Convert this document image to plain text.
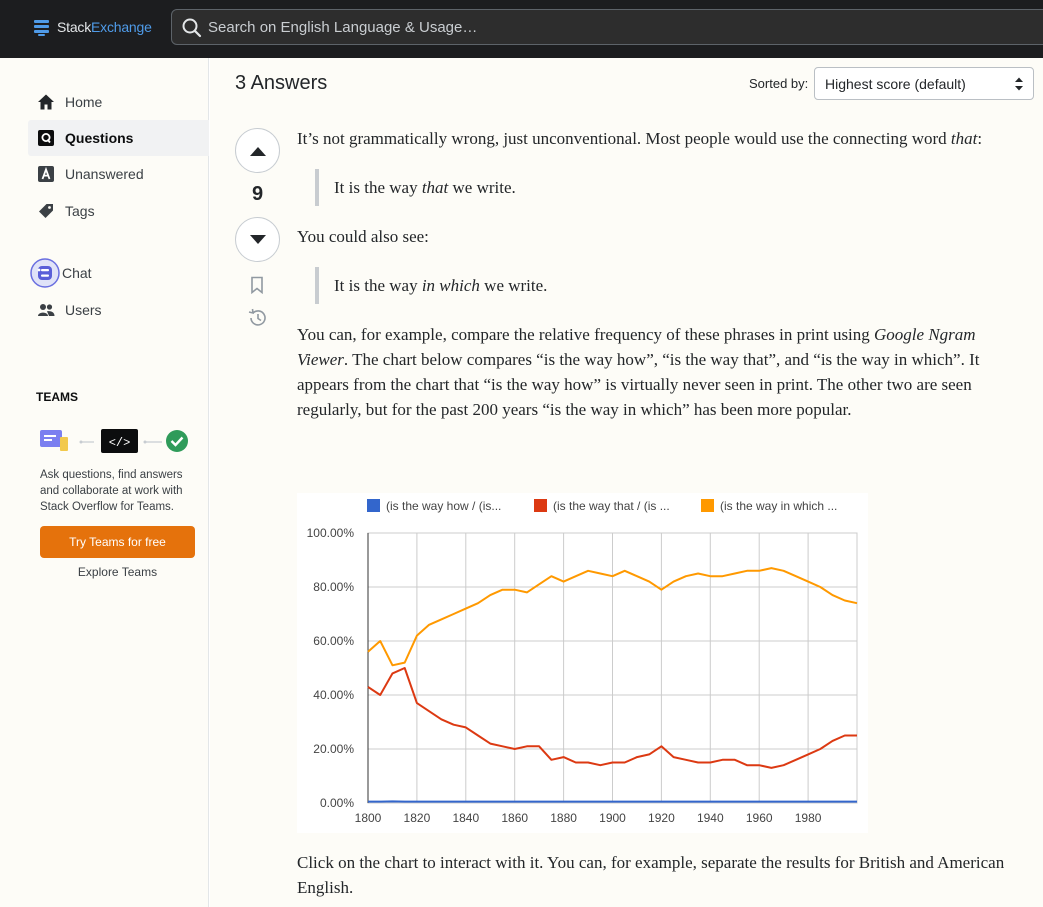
StackExchange
Search on English Language & Usage…
Home
Questions
Unanswered
Tags
Chat
Users
TEAMS
</>
Ask questions, find answers and collaborate at work with Stack Overflow for Teams.
Try Teams for free
Explore Teams
3 Answers	Sorted by:	Highest score (default)
9

It’s not grammatically wrong, just unconventional. Most people would use the connecting word that:

It is the way that we write.

You could also see:

It is the way in which we write.

You can, for example, compare the relative frequency of these phrases in print using Google Ngram Viewer. The chart below compares “is the way how”, “is the way that”, and “is the way in which”. It appears from the chart that “is the way how” is virtually never seen in print. The other two are seen regularly, but for the past 200 years “is the way in which” has been more popular.

0.00%
20.00%
40.00%
60.00%
80.00%
100.00%
1800 1820 1840 1860 1880 1900 1920 1940 1960 1980
(is the way how / (is...	(is the way that / (is ...	(is the way in which ...

Click on the chart to interact with it. You can, for example, separate the results for British and American English.
